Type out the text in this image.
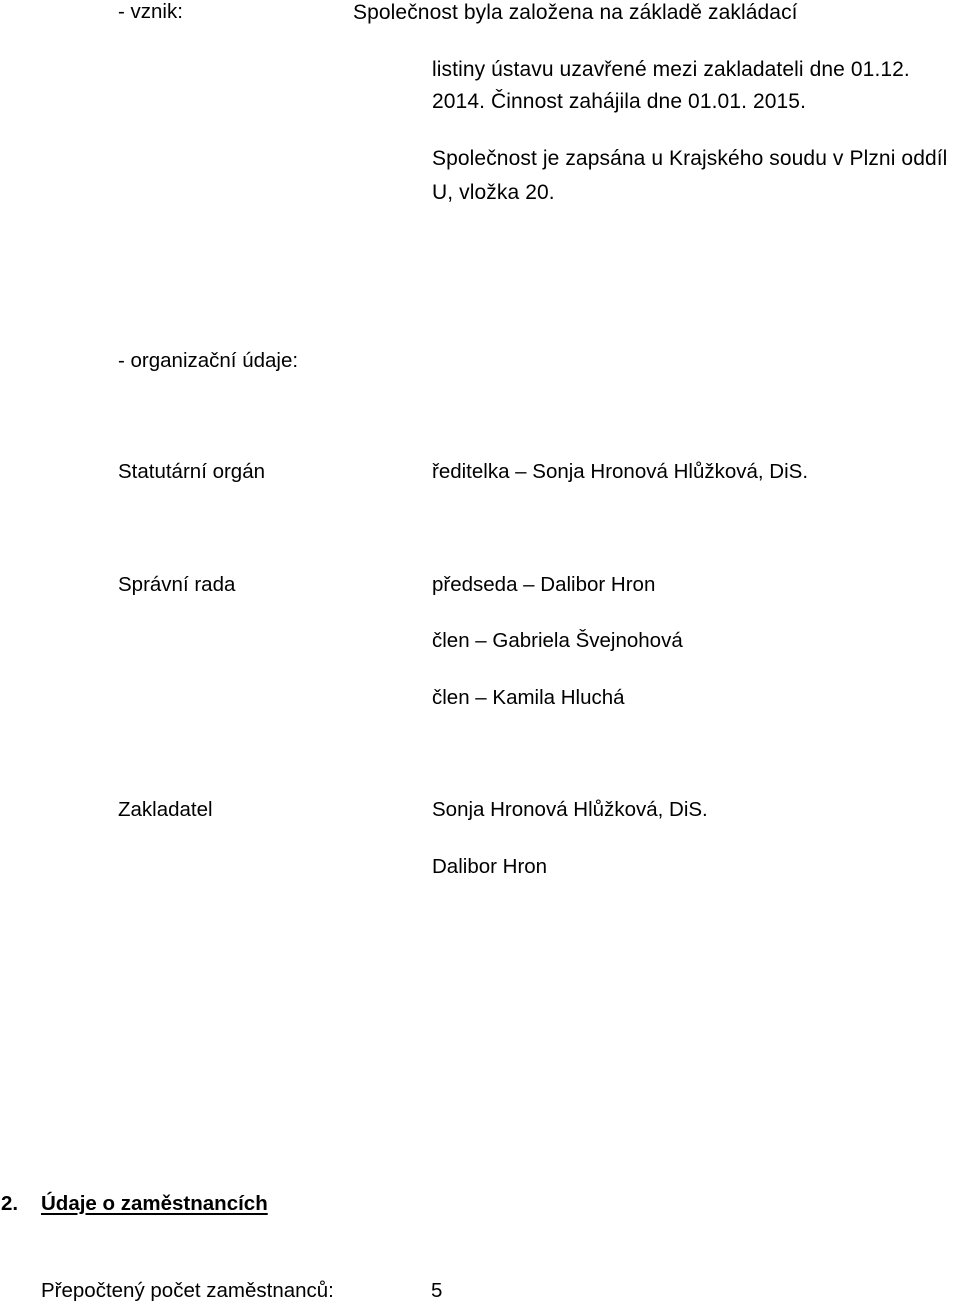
- vznik:	Společnost byla založena na základě zakládací
listiny ústavu uzavřené mezi zakladateli dne 01.12.
2014. Činnost zahájila dne 01.01. 2015.
Společnost je zapsána u Krajského soudu v Plzni oddíl
U, vložka 20.
- organizační údaje:
Statutární orgán	ředitelka – Sonja Hronová Hlůžková, DiS.
Správní rada	předseda – Dalibor Hron
člen – Gabriela Švejnohová
člen – Kamila Hluchá
Zakladatel	Sonja Hronová Hlůžková, DiS.
Dalibor Hron
2. Údaje o zaměstnancích
Přepočtený počet zaměstnanců:	5
